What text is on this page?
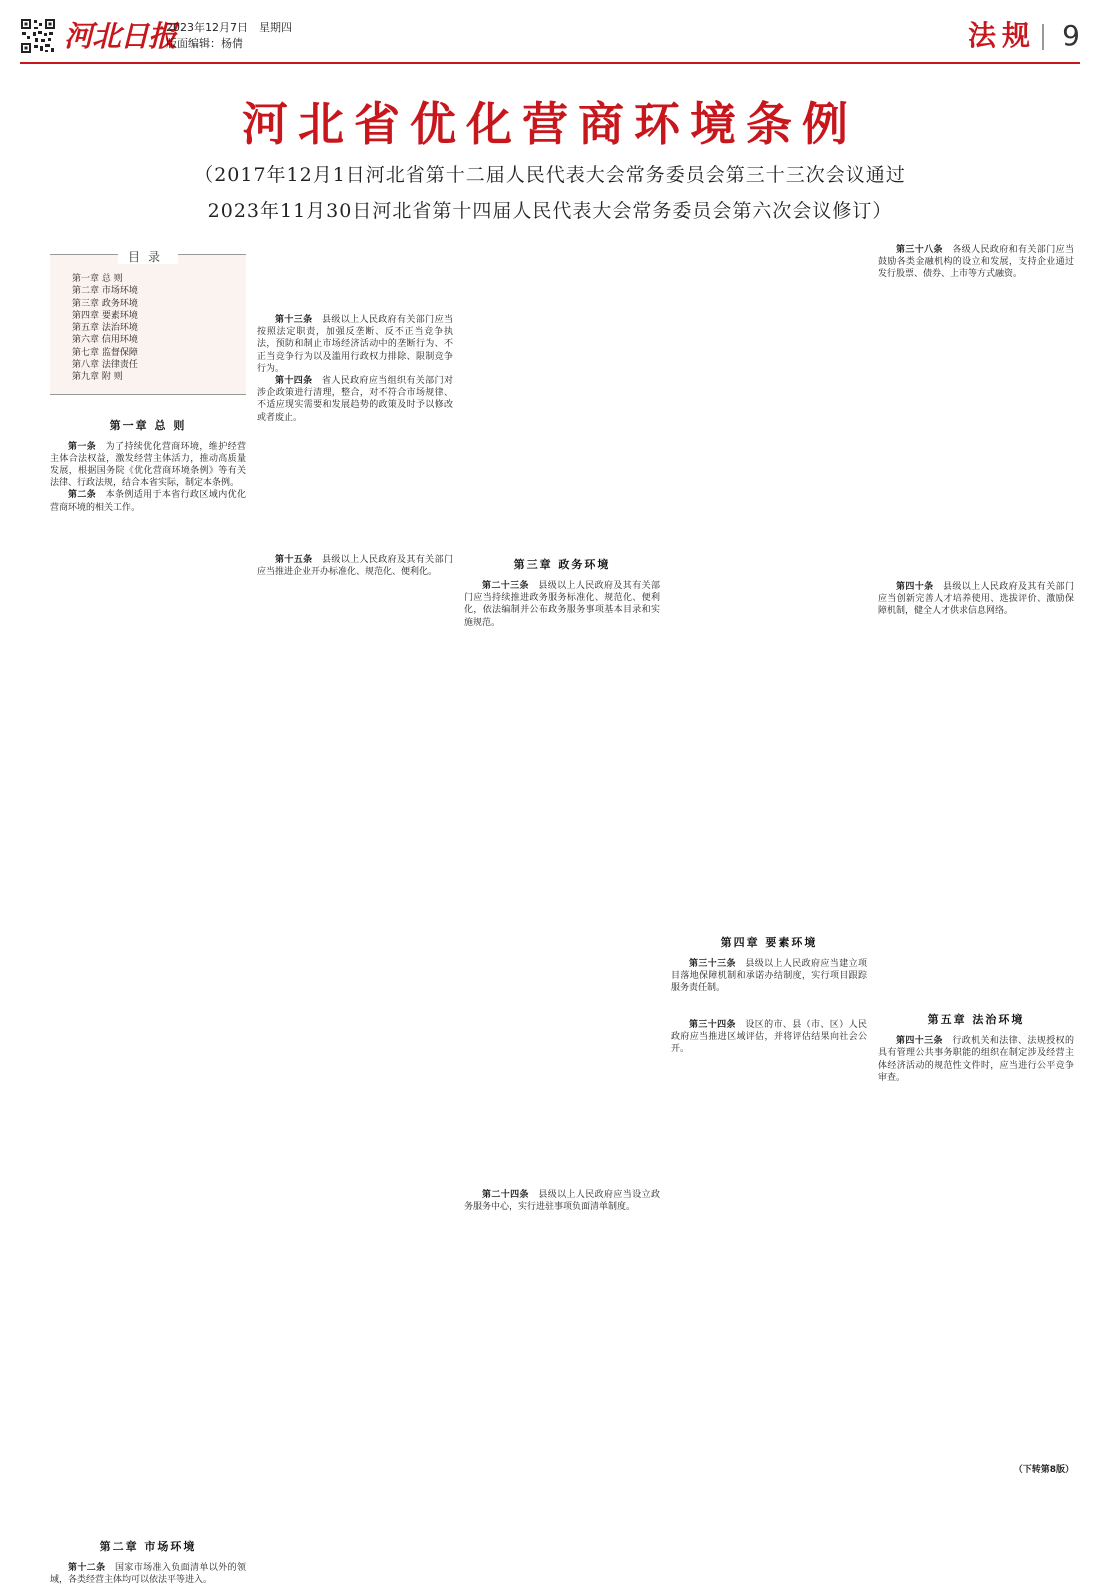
河北日报
2023年12月7日　星期四
版面编辑：杨倩	法规 9
河北省优化营商环境条例
（2017年12月1日河北省第十二届人民代表大会常务委员会第三十三次会议通过
2023年11月30日河北省第十四届人民代表大会常务委员会第六次会议修订）
目录
第一章 总 则
第二章 市场环境
第三章 政务环境
第四章 要素环境
第五章 法治环境
第六章 信用环境
第七章 监督保障
第八章 法律责任
第九章 附 则
第一章 总 则

第一条　 为了持续优化营商环境，维护经营主体合法权益，激发经营主体活力，推动高质量发展，根据国务院《优化营商环境条例》等有关法律、行政法规，结合本省实际，制定本条例。

第二条　 本条例适用于本省行政区域内优化营商环境的相关工作。

第二章 市场环境

第十二条　 国家市场准入负面清单以外的领域，各类经营主体均可以依法平等进入。

第十三条　 县级以上人民政府有关部门应当按照法定职责，加强反垄断、反不正当竞争执法，预防和制止市场经济活动中的垄断行为、不正当竞争行为以及滥用行政权力排除、限制竞争行为。

第十四条　 省人民政府应当组织有关部门对涉企政策进行清理，整合，对不符合市场规律、不适应现实需要和发展趋势的政策及时予以修改或者废止。

第十五条　 县级以上人民政府及其有关部门应当推进企业开办标准化、规范化、便利化。

第三章 政务环境

第二十三条　 县级以上人民政府及其有关部门应当持续推进政务服务标准化、规范化、便利化，依法编制并公布政务服务事项基本目录和实施规范。

第二十四条　 县级以上人民政府应当设立政务服务中心，实行进驻事项负面清单制度。

第四章 要素环境

第三十三条　 县级以上人民政府应当建立项目落地保障机制和承诺办结制度，实行项目跟踪服务责任制。

第三十四条　 设区的市、县（市、区）人民政府应当推进区域评估，并将评估结果向社会公开。

第三十八条　 各级人民政府和有关部门应当鼓励各类金融机构的设立和发展，支持企业通过发行股票、债券、上市等方式融资。

第四十条　 县级以上人民政府及其有关部门应当创新完善人才培养使用、选拔评价、激励保障机制，健全人才供求信息网络。

第五章 法治环境

第四十三条　 行政机关和法律、法规授权的具有管理公共事务职能的组织在制定涉及经营主体经济活动的规范性文件时，应当进行公平竞争审查。

（下转第8版）
